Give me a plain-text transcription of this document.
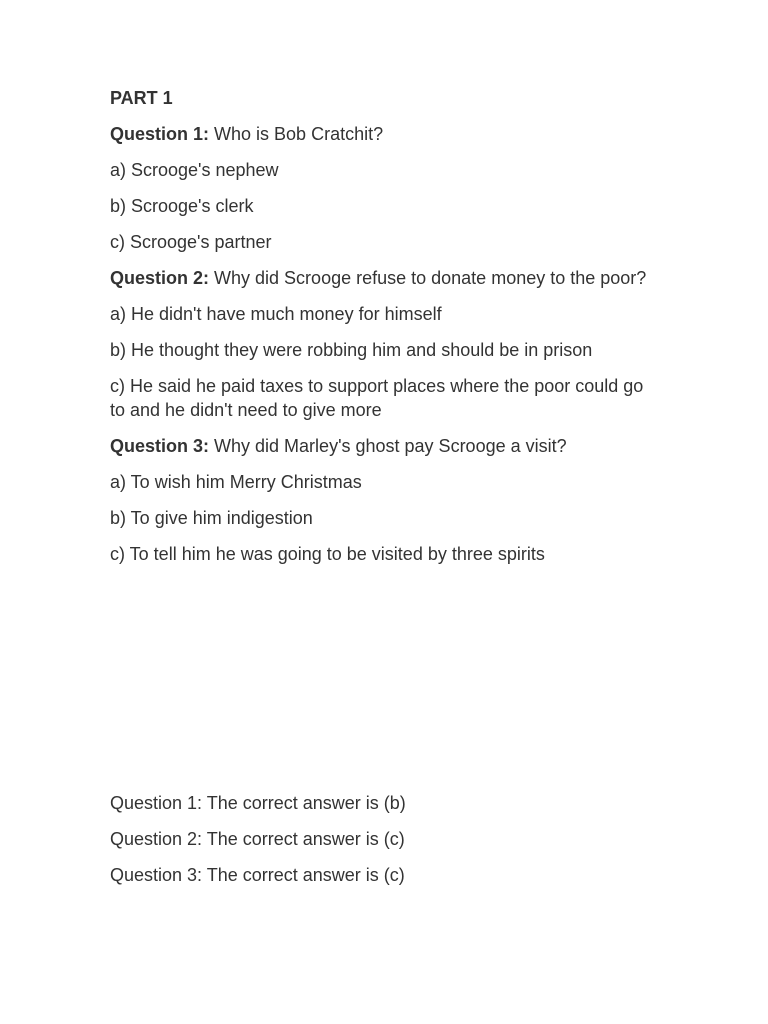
PART 1

Question 1: Who is Bob Cratchit?

a) Scrooge's nephew

b) Scrooge's clerk

c) Scrooge's partner

Question 2: Why did Scrooge refuse to donate money to the poor?

a) He didn't have much money for himself

b) He thought they were robbing him and should be in prison

c) He said he paid taxes to support places where the poor could go to and he didn't need to give more

Question 3: Why did Marley's ghost pay Scrooge a visit?

a) To wish him Merry Christmas

b) To give him indigestion

c) To tell him he was going to be visited by three spirits

Question 1: The correct answer is (b)

Question 2: The correct answer is (c)

Question 3: The correct answer is (c)
